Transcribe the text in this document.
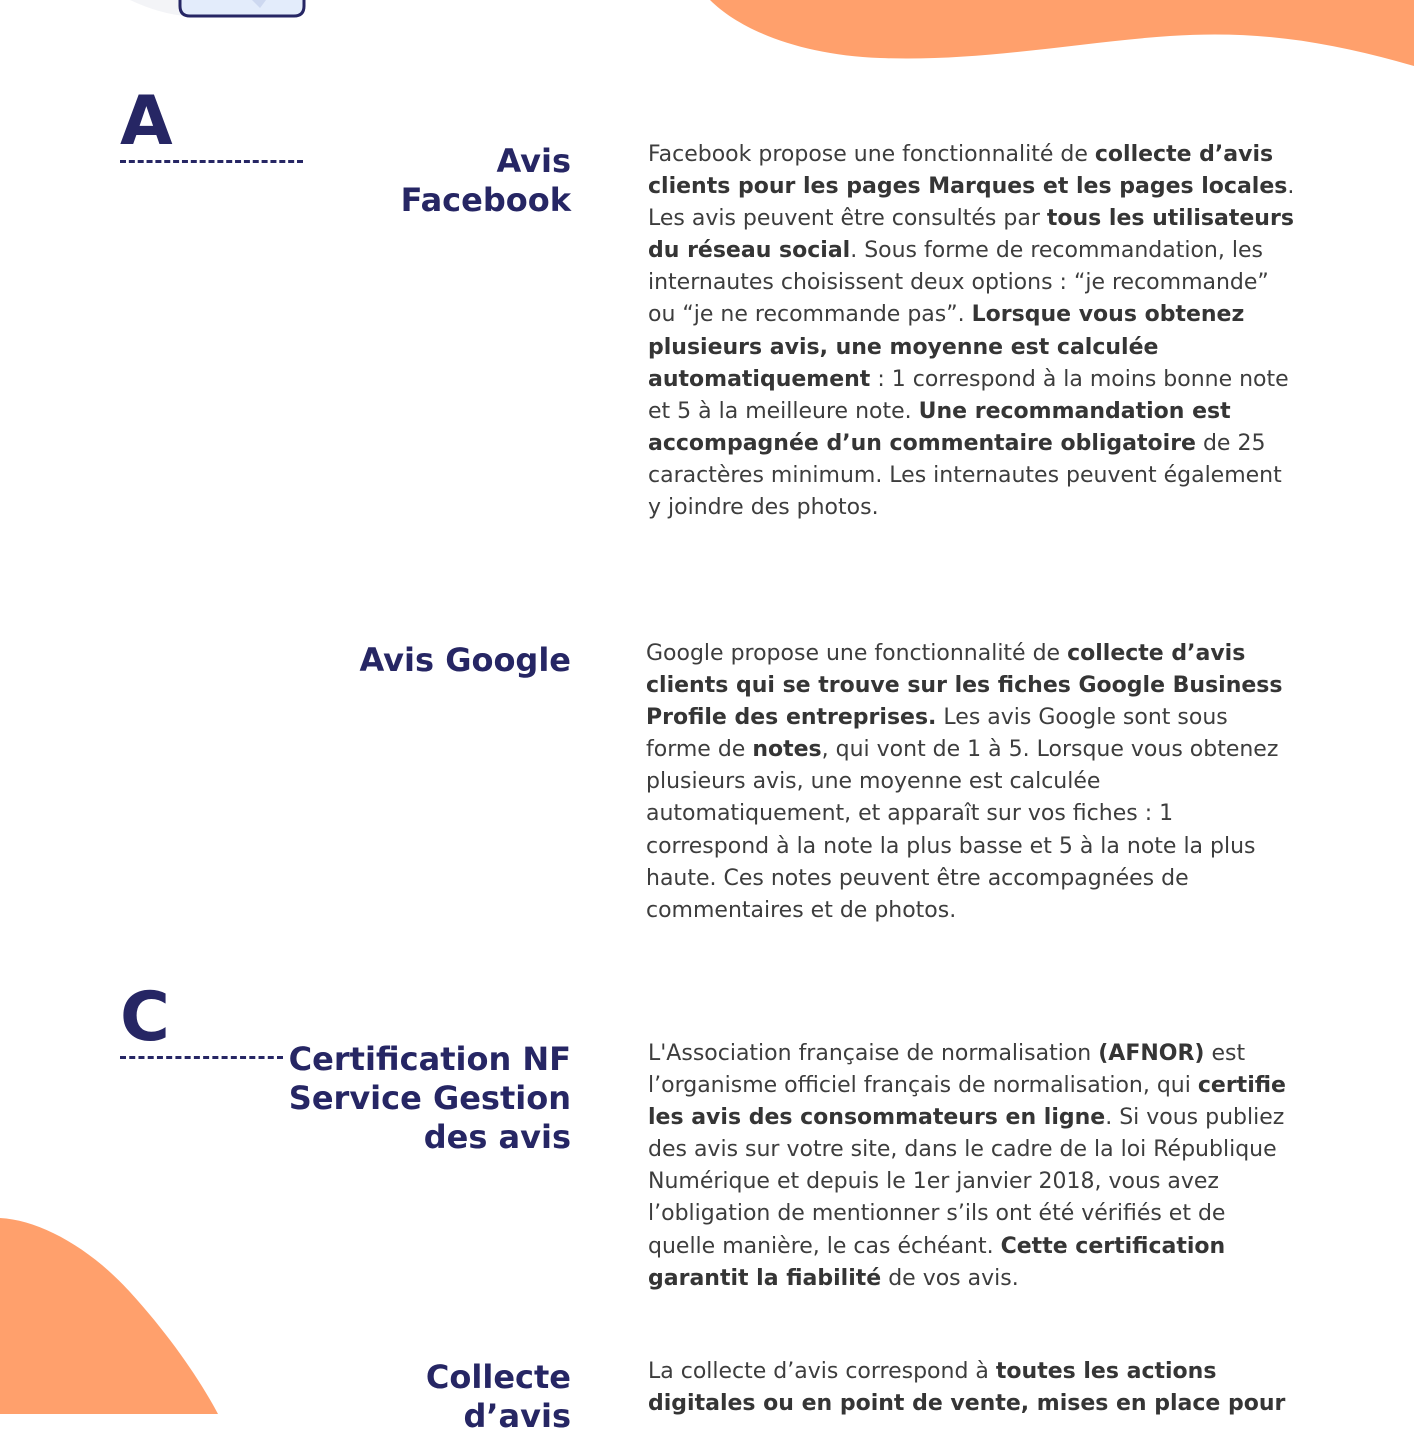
A	Avis
Facebook

Facebook propose une fonctionnalité de collecte d’avis clients pour les pages Marques et les pages locales. Les avis peuvent être consultés par tous les utilisateurs du réseau social. Sous forme de recommandation, les internautes choisissent deux options : “je recommande” ou “je ne recommande pas”. Lorsque vous obtenez plusieurs avis, une moyenne est calculée automatiquement : 1 correspond à la moins bonne note et 5 à la meilleure note. Une recommandation est accompagnée d’un commentaire obligatoire de 25 caractères minimum. Les internautes peuvent également y joindre des photos.

Avis Google	Google propose une fonctionnalité de collecte d’avis clients qui se trouve sur les fiches Google Business Profile des entreprises. Les avis Google sont sous forme de notes, qui vont de 1 à 5. Lorsque vous obtenez plusieurs avis, une moyenne est calculée automatiquement, et apparaît sur vos fiches : 1 correspond à la note la plus basse et 5 à la note la plus haute. Ces notes peuvent être accompagnées de commentaires et de photos.

C
Certification NF
Service Gestion
des avis

L'Association française de normalisation (AFNOR) est l’organisme officiel français de normalisation, qui certifie les avis des consommateurs en ligne. Si vous publiez des avis sur votre site, dans le cadre de la loi République Numérique et depuis le 1er janvier 2018, vous avez l’obligation de mentionner s’ils ont été vérifiés et de quelle manière, le cas échéant. Cette certification garantit la fiabilité de vos avis.

Collecte
d’avis

La collecte d’avis correspond à toutes les actions digitales ou en point de vente, mises en place pour
